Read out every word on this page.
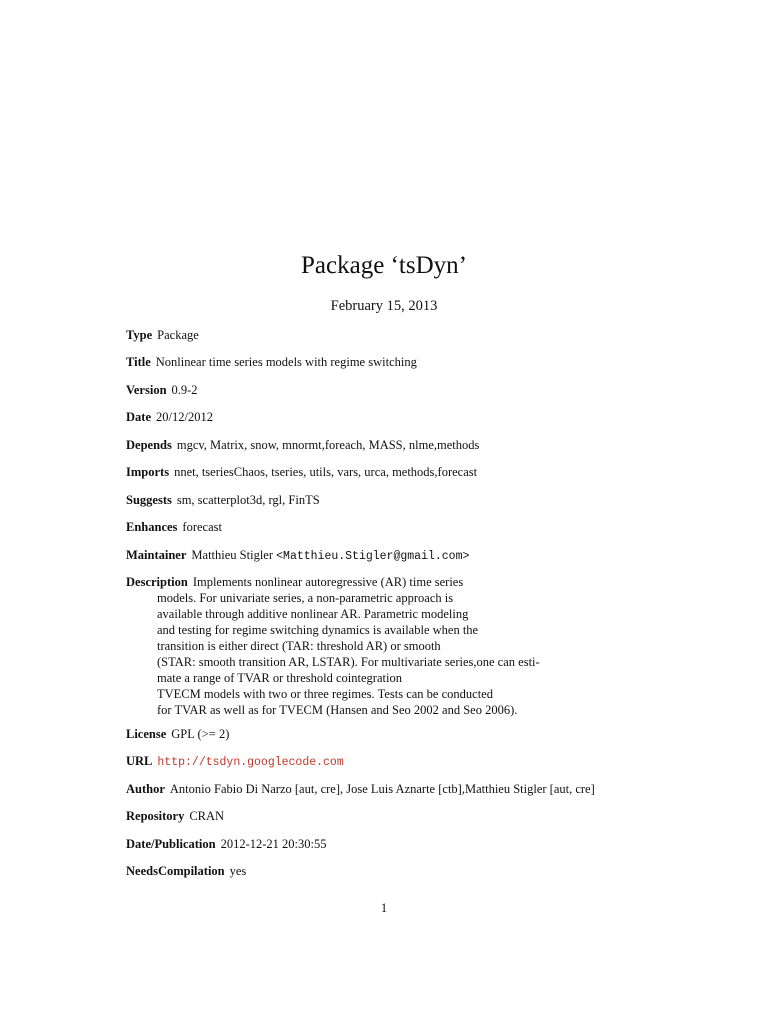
Package ‘tsDyn’
February 15, 2013
Type Package
Title Nonlinear time series models with regime switching
Version 0.9-2
Date 20/12/2012
Depends mgcv, Matrix, snow, mnormt,foreach, MASS, nlme,methods
Imports nnet, tseriesChaos, tseries, utils, vars, urca, methods,forecast
Suggests sm, scatterplot3d, rgl, FinTS
Enhances forecast
Maintainer Matthieu Stigler <Matthieu.Stigler@gmail.com>
Description Implements nonlinear autoregressive (AR) time series
models. For univariate series, a non-parametric approach is
available through additive nonlinear AR. Parametric modeling
and testing for regime switching dynamics is available when the
transition is either direct (TAR: threshold AR) or smooth
(STAR: smooth transition AR, LSTAR). For multivariate series,one can esti-
mate a range of TVAR or threshold cointegration
TVECM models with two or three regimes. Tests can be conducted
for TVAR as well as for TVECM (Hansen and Seo 2002 and Seo 2006).
License GPL (>= 2)
URL http://tsdyn.googlecode.com
Author Antonio Fabio Di Narzo [aut, cre], Jose Luis Aznarte [ctb],Matthieu Stigler [aut, cre]
Repository CRAN
Date/Publication 2012-12-21 20:30:55
NeedsCompilation yes
1
